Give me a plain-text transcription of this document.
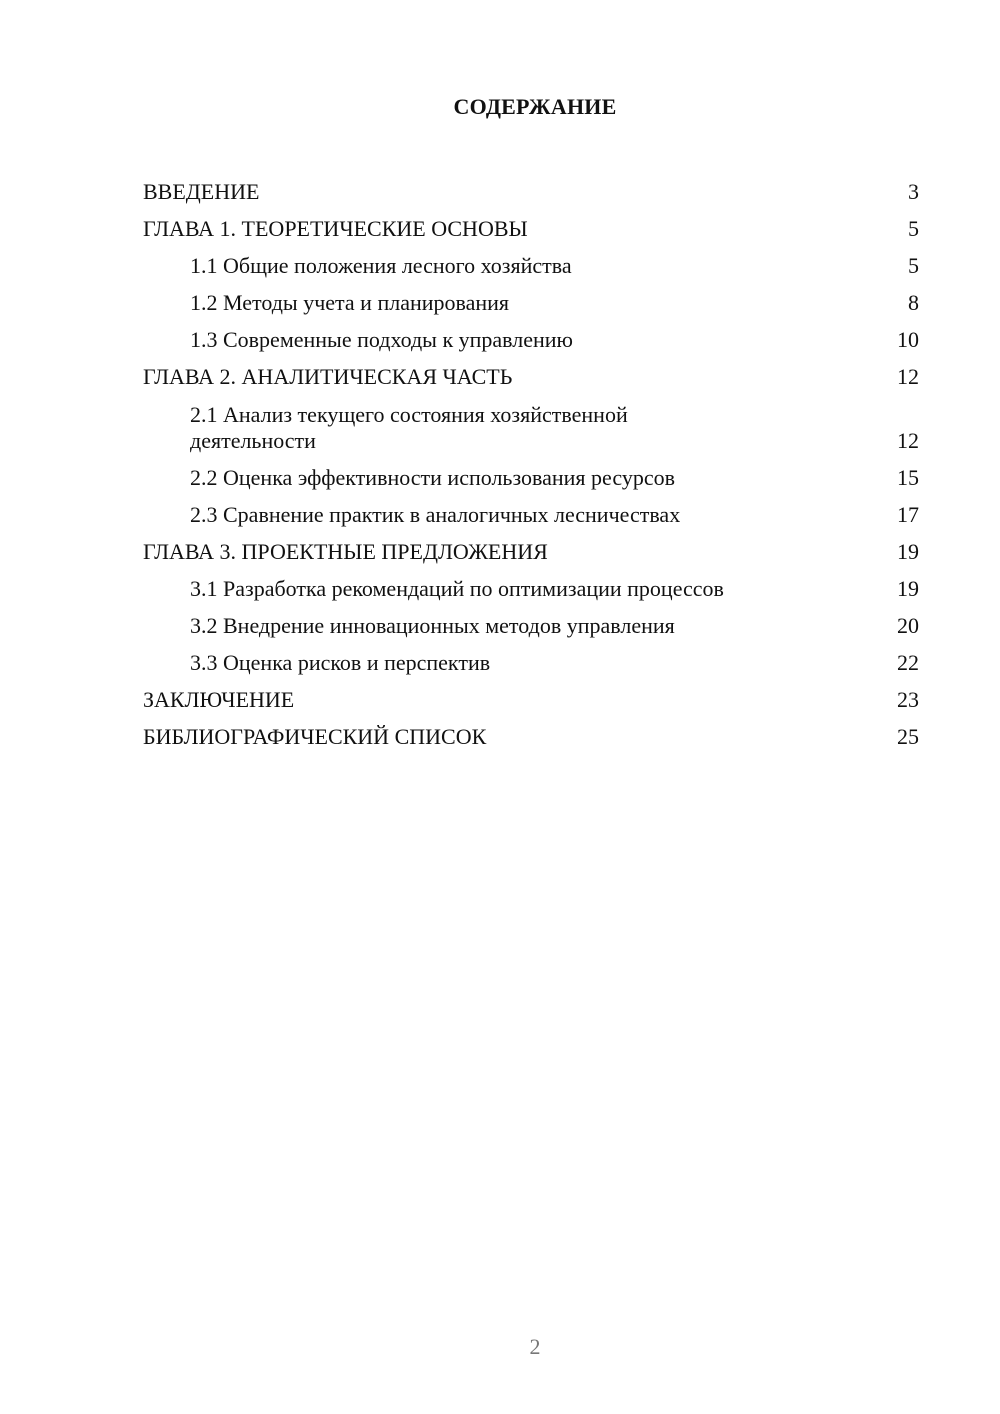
СОДЕРЖАНИЕ
ВВЕДЕНИЕ	3
ГЛАВА 1. ТЕОРЕТИЧЕСКИЕ ОСНОВЫ	5
1.1 Общие положения лесного хозяйства	5
1.2 Методы учета и планирования	8
1.3 Современные подходы к управлению	10
ГЛАВА 2. АНАЛИТИЧЕСКАЯ ЧАСТЬ	12
2.1 Анализ текущего состояния хозяйственной деятельности	12
2.2 Оценка эффективности использования ресурсов	15
2.3 Сравнение практик в аналогичных лесничествах	17
ГЛАВА 3. ПРОЕКТНЫЕ ПРЕДЛОЖЕНИЯ	19
3.1 Разработка рекомендаций по оптимизации процессов	19
3.2 Внедрение инновационных методов управления	20
3.3 Оценка рисков и перспектив	22
ЗАКЛЮЧЕНИЕ	23
БИБЛИОГРАФИЧЕСКИЙ СПИСОК	25
2
